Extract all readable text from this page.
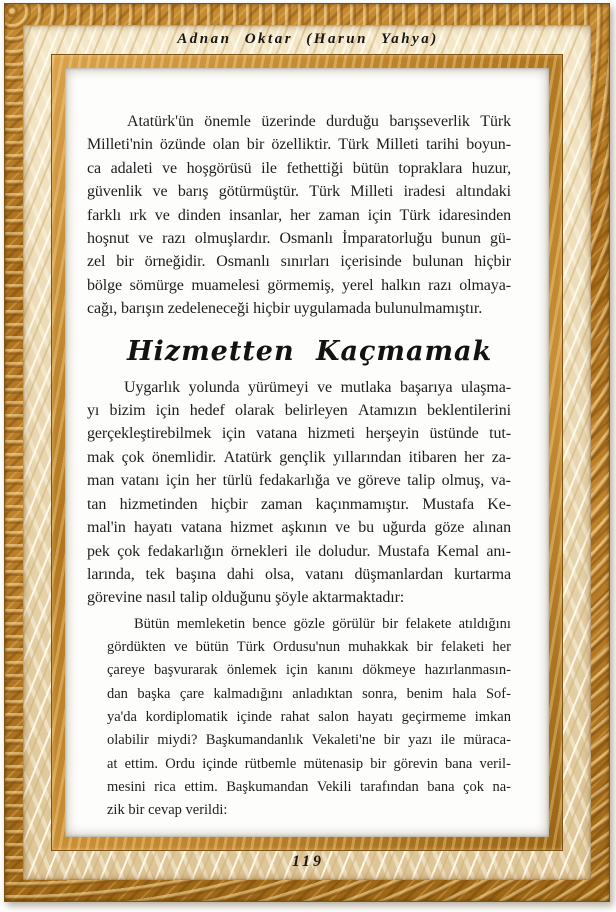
Atatürk'ün önemle üzerinde durduğu barışseverlik Türk
Milleti'nin özünde olan bir özelliktir. Türk Milleti tarihi boyun-
ca adaleti ve hoşgörüsü ile fethettiği bütün topraklara huzur,
güvenlik ve barış götürmüştür. Türk Milleti iradesi altındaki
farklı ırk ve dinden insanlar, her zaman için Türk idaresinden
hoşnut ve razı olmuşlardır. Osmanlı İmparatorluğu bunun gü-
zel bir örneğidir. Osmanlı sınırları içerisinde bulunan hiçbir
bölge sömürge muamelesi görmemiş, yerel halkın razı olmaya-
cağı, barışın zedeleneceği hiçbir uygulamada bulunulmamıştır.
Hizmetten Kaçmamak
Uygarlık yolunda yürümeyi ve mutlaka başarıya ulaşma-
yı bizim için hedef olarak belirleyen Atamızın beklentilerini
gerçekleştirebilmek için vatana hizmeti herşeyin üstünde tut-
mak çok önemlidir. Atatürk gençlik yıllarından itibaren her za-
man vatanı için her türlü fedakarlığa ve göreve talip olmuş, va-
tan hizmetinden hiçbir zaman kaçınmamıştır. Mustafa Ke-
mal'in hayatı vatana hizmet aşkının ve bu uğurda göze alınan
pek çok fedakarlığın örnekleri ile doludur. Mustafa Kemal anı-
larında, tek başına dahi olsa, vatanı düşmanlardan kurtarma
görevine nasıl talip olduğunu şöyle aktarmaktadır:
Bütün memleketin bence gözle görülür bir felakete atıldığını
gördükten ve bütün Türk Ordusu'nun muhakkak bir felaketi her
çareye başvurarak önlemek için kanını dökmeye hazırlanmasın-
dan başka çare kalmadığını anladıktan sonra, benim hala Sof-
ya'da kordiplomatik içinde rahat salon hayatı geçirmeme imkan
olabilir miydi? Başkumandanlık Vekaleti'ne bir yazı ile müraca-
at ettim. Ordu içinde rütbemle mütenasip bir görevin bana veril-
mesini rica ettim. Başkumandan Vekili tarafından bana çok na-
zik bir cevap verildi:
Adnan Oktar (Harun Yahya)
119
